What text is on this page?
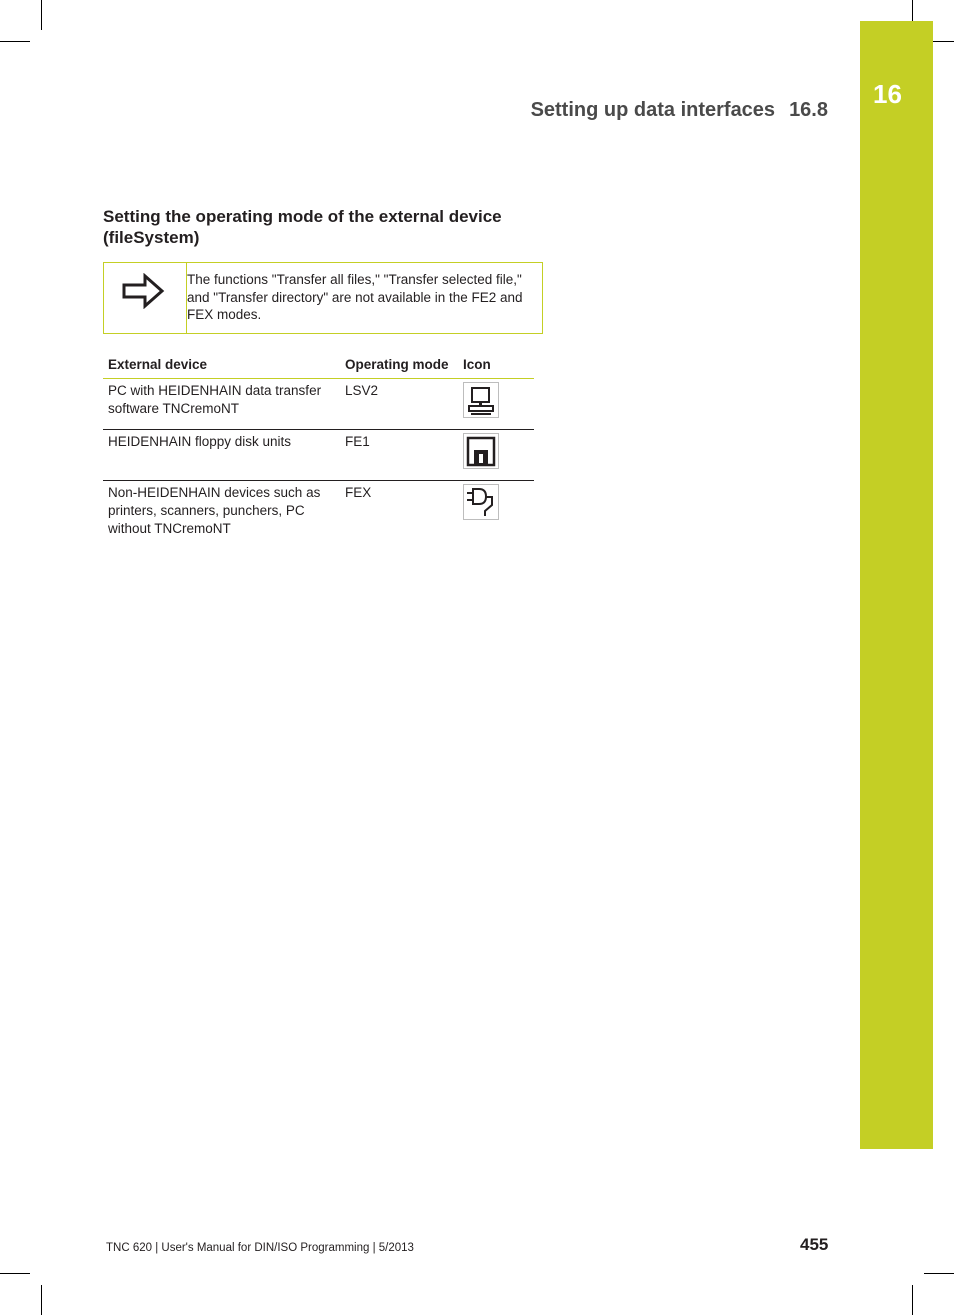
16
Setting up data interfaces 16.8
Setting the operating mode of the external device (fileSystem)
The functions "Transfer all files," "Transfer selected file," and "Transfer directory" are not available in the FE2 and FEX modes.
External device	Operating mode	Icon
PC with HEIDENHAIN data transfer software TNCremoNT	LSV2	
HEIDENHAIN floppy disk units	FE1	
Non-HEIDENHAIN devices such as printers, scanners, punchers, PC without TNCremoNT	FEX	
TNC 620 | User's Manual for DIN/ISO Programming | 5/2013	455
